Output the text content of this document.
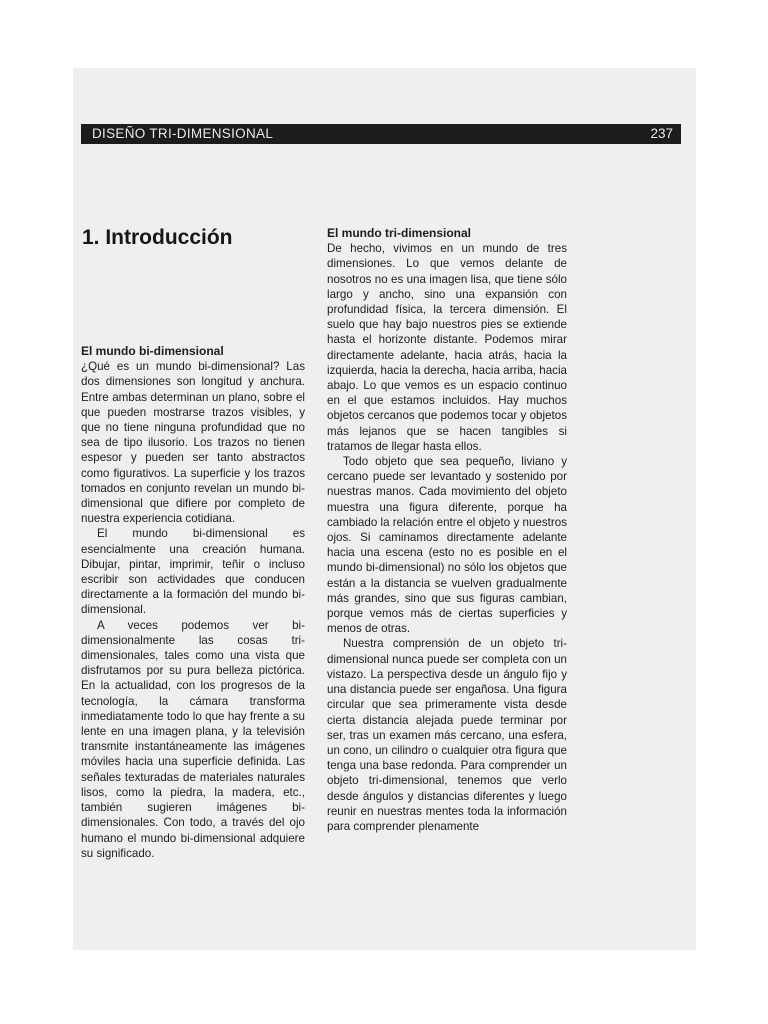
DISEÑO TRI-DIMENSIONAL	237
1. Introducción
El mundo bi-dimensional

¿Qué es un mundo bi-dimensional? Las dos dimensiones son longitud y anchura. Entre ambas determinan un plano, sobre el que pueden mostrarse trazos visibles, y que no tiene ninguna profundidad que no sea de tipo ilusorio. Los trazos no tienen espesor y pueden ser tanto abstractos como figurativos. La superficie y los trazos tomados en conjunto revelan un mundo bi-dimensional que difiere por completo de nuestra experiencia cotidiana.

El mundo bi-dimensional es esencialmente una creación humana. Dibujar, pintar, imprimir, teñir o incluso escribir son actividades que conducen directamente a la formación del mundo bi-dimensional.

A veces podemos ver bi-dimensionalmente las cosas tri-dimensionales, tales como una vista que disfrutamos por su pura belleza pictórica. En la actualidad, con los progresos de la tecnología, la cámara transforma inmediatamente todo lo que hay frente a su lente en una imagen plana, y la televisión transmite instantáneamente las imágenes móviles hacia una superficie definida. Las señales texturadas de materiales naturales lisos, como la piedra, la madera, etc., también sugieren imágenes bi-dimensionales. Con todo, a través del ojo humano el mundo bi-dimensional adquiere su significado.

El mundo tri-dimensional

De hecho, vivimos en un mundo de tres dimensiones. Lo que vemos delante de nosotros no es una imagen lisa, que tiene sólo largo y ancho, sino una expansión con profundidad física, la tercera dimensión. El suelo que hay bajo nuestros pies se extiende hasta el horizonte distante. Podemos mirar directamente adelante, hacia atrás, hacia la izquierda, hacia la derecha, hacia arriba, hacia abajo. Lo que vemos es un espacio continuo en el que estamos incluidos. Hay muchos objetos cercanos que podemos tocar y objetos más lejanos que se hacen tangibles si tratamos de llegar hasta ellos.

Todo objeto que sea pequeño, liviano y cercano puede ser levantado y sostenido por nuestras manos. Cada movimiento del objeto muestra una figura diferente, porque ha cambiado la relación entre el objeto y nuestros ojos. Si caminamos directamente adelante hacia una escena (esto no es posible en el mundo bi-dimensional) no sólo los objetos que están a la distancia se vuelven gradualmente más grandes, sino que sus figuras cambian, porque vemos más de ciertas superficies y menos de otras.

Nuestra comprensión de un objeto tri-dimensional nunca puede ser completa con un vistazo. La perspectiva desde un ángulo fijo y una distancia puede ser engañosa. Una figura circular que sea primeramente vista desde cierta distancia alejada puede terminar por ser, tras un examen más cercano, una esfera, un cono, un cilindro o cualquier otra figura que tenga una base redonda. Para comprender un objeto tri-dimensional, tenemos que verlo desde ángulos y distancias diferentes y luego reunir en nuestras mentes toda la información para comprender plenamente
